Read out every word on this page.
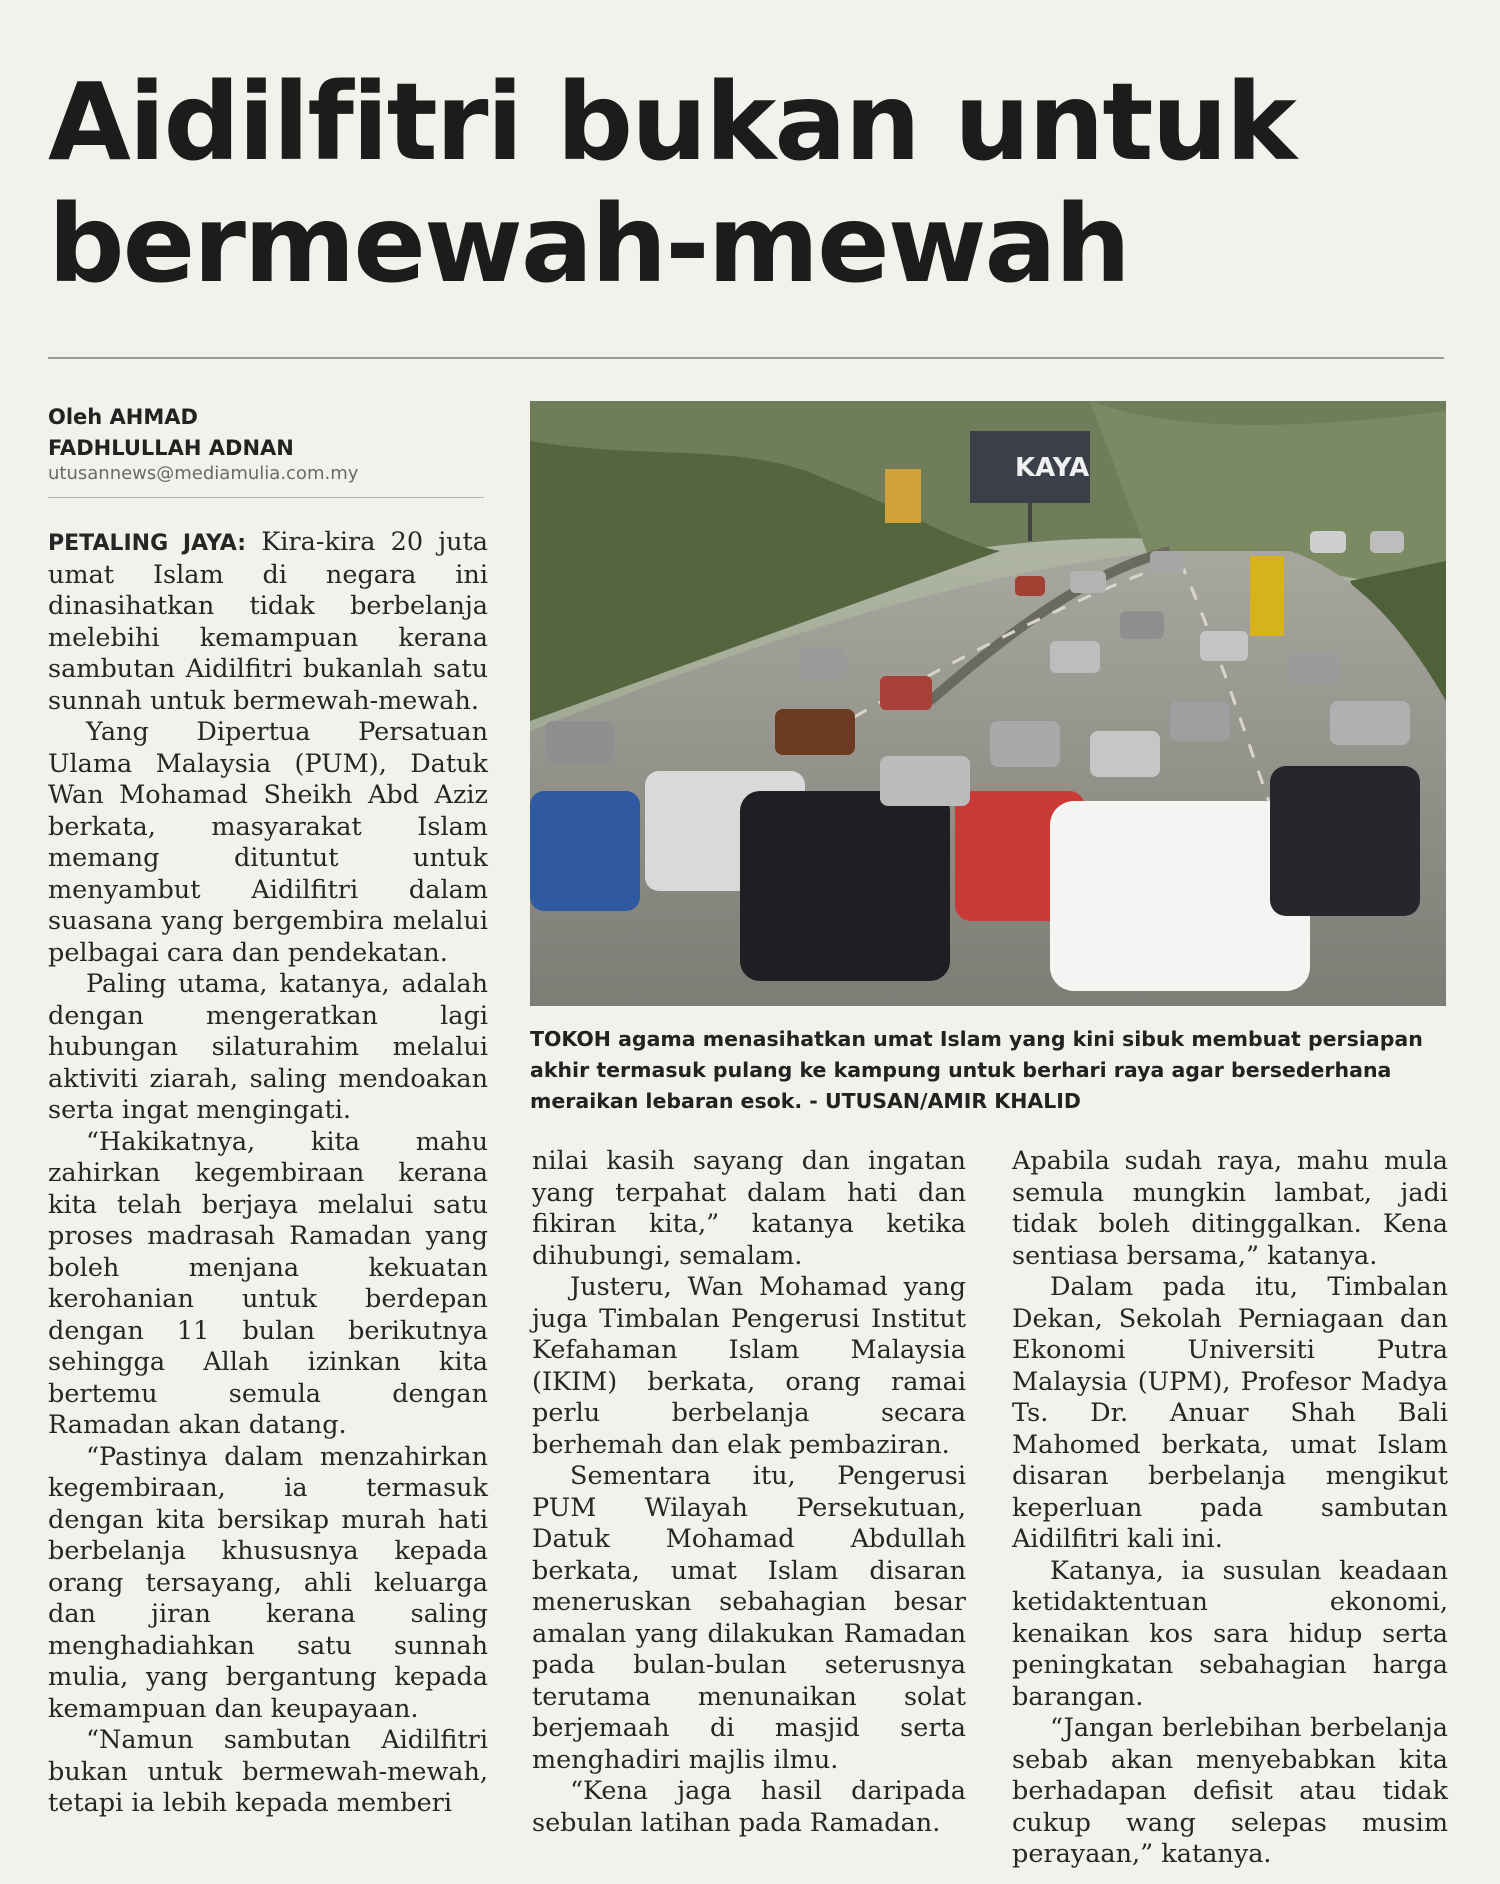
Aidilfitri bukan untuk
bermewah-mewah
Oleh AHMAD
FADHLULLAH ADNAN
utusannews@mediamulia.com.my

PETALING JAYA: Kira-kira 20 juta umat Islam di negara ini dinasihatkan tidak berbelanja melebihi kemampuan kerana sambutan Aidilfitri bukanlah satu sunnah untuk bermewah-mewah.

Yang Dipertua Persatuan Ulama Malaysia (PUM), Datuk Wan Mohamad Sheikh Abd Aziz berkata, masyarakat Islam memang dituntut untuk menyambut Aidilfitri dalam suasana yang bergembira melalui pelbagai cara dan pendekatan.

Paling utama, katanya, adalah dengan mengeratkan lagi hubungan silaturahim melalui aktiviti ziarah, saling mendoakan serta ingat mengingati.

“Hakikatnya, kita mahu zahirkan kegembiraan kerana kita telah berjaya melalui satu proses madrasah Ramadan yang boleh menjana kekuatan kerohanian untuk berdepan dengan 11 bulan berikutnya sehingga Allah izinkan kita bertemu semula dengan Ramadan akan datang.

“Pastinya dalam menzahirkan kegembiraan, ia termasuk dengan kita bersikap murah hati berbelanja khususnya kepada orang tersayang, ahli keluarga dan jiran kerana saling menghadiahkan satu sunnah mulia, yang bergantung kepada kemampuan dan keupayaan.

“Namun sambutan Aidilfitri bukan untuk bermewah-mewah, tetapi ia lebih kepada memberi

KAYA
TOKOH agama menasihatkan umat Islam yang kini sibuk membuat persiapan akhir termasuk pulang ke kampung untuk berhari raya agar bersederhana meraikan lebaran esok. - UTUSAN/AMIR KHALID

nilai kasih sayang dan ingatan yang terpahat dalam hati dan fikiran kita,” katanya ketika dihubungi, semalam.

Justeru, Wan Mohamad yang juga Timbalan Pengerusi Institut Kefahaman Islam Malaysia (IKIM) berkata, orang ramai perlu berbelanja secara berhemah dan elak pembaziran.

Sementara itu, Pengerusi PUM Wilayah Persekutuan, Datuk Mohamad Abdullah berkata, umat Islam disaran meneruskan sebahagian besar amalan yang dilakukan Ramadan pada bulan-bulan seterusnya terutama menunaikan solat berjemaah di masjid serta menghadiri majlis ilmu.

“Kena jaga hasil daripada sebulan latihan pada Ramadan.

Apabila sudah raya, mahu mula semula mungkin lambat, jadi tidak boleh ditinggalkan. Kena sentiasa bersama,” katanya.

Dalam pada itu, Timbalan Dekan, Sekolah Perniagaan dan Ekonomi Universiti Putra Malaysia (UPM), Profesor Madya Ts. Dr. Anuar Shah Bali Mahomed berkata, umat Islam disaran berbelanja mengikut keperluan pada sambutan Aidilfitri kali ini.

Katanya, ia susulan keadaan ketidaktentuan ekonomi, kenaikan kos sara hidup serta peningkatan sebahagian harga barangan.

“Jangan berlebihan berbelanja sebab akan menyebabkan kita berhadapan defisit atau tidak cukup wang selepas musim perayaan,” katanya.
